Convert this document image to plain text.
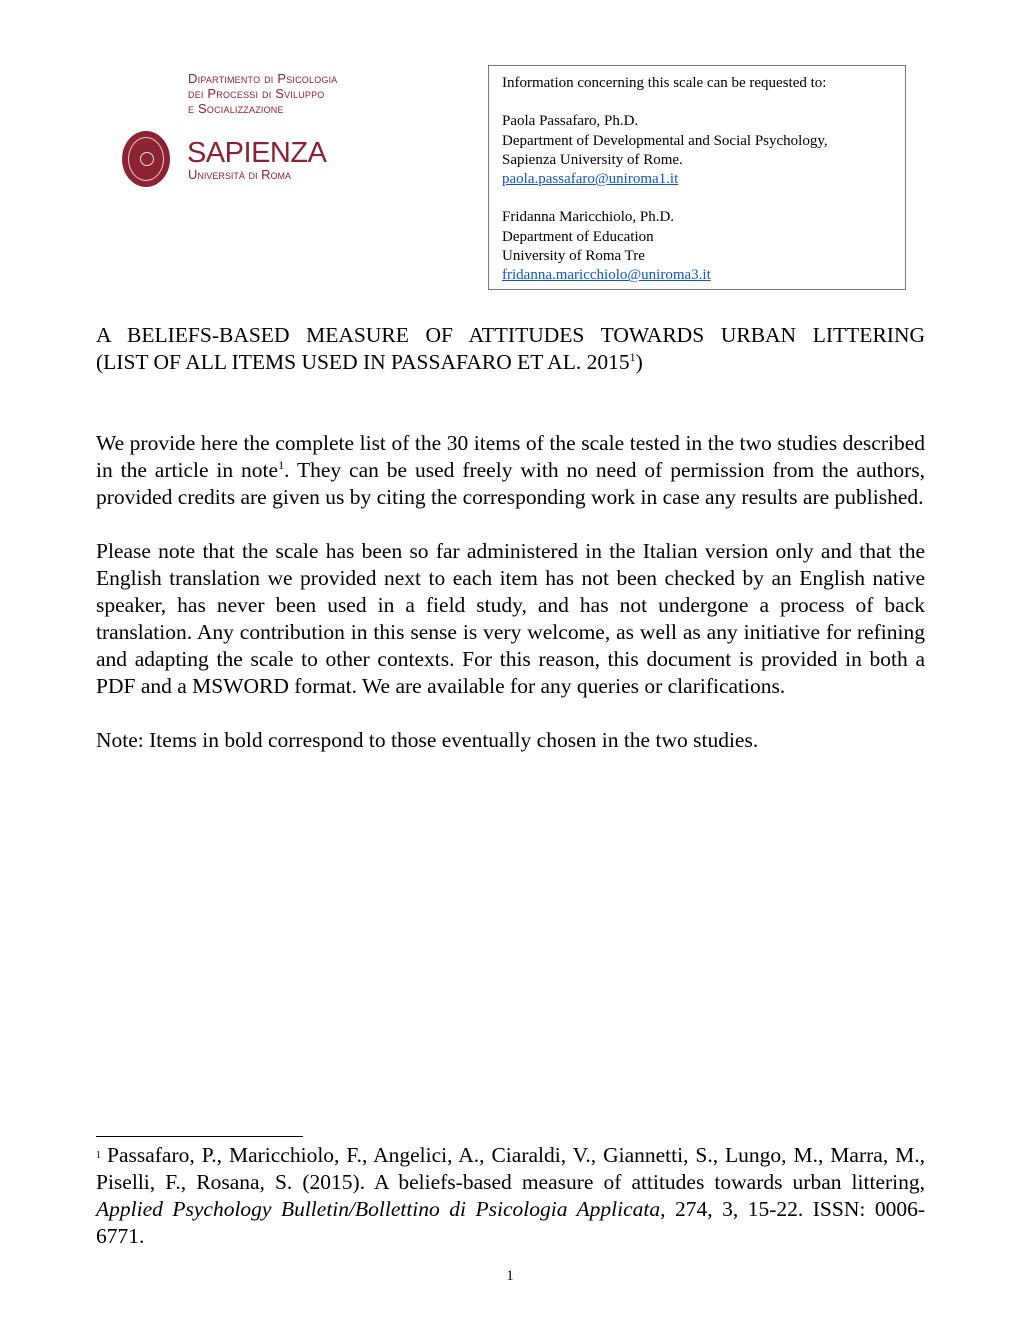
Dipartimento di Psicologia
dei Processi di Sviluppo
e Socializzazione
SAPIENZA
Università di Roma

Information concerning this scale can be requested to:

Paola Passafaro, Ph.D.

Department of Developmental and Social Psychology,

Sapienza University of Rome.

paola.passafaro@uniroma1.it

Fridanna Maricchiolo, Ph.D.

Department of Education

University of Roma Tre

fridanna.maricchiolo@uniroma3.it

A BELIEFS-BASED MEASURE OF ATTITUDES TOWARDS URBAN LITTERING
(LIST OF ALL ITEMS USED IN PASSAFARO ET AL. 2015$^1$)

We provide here the complete list of the 30 items of the scale tested in the two studies described in the article in note$^1$. They can be used freely with no need of permission from the authors, provided credits are given us by citing the corresponding work in case any results are published.

Please note that the scale has been so far administered in the Italian version only and that the English translation we provided next to each item has not been checked by an English native speaker, has never been used in a field study, and has not undergone a process of back translation. Any contribution in this sense is very welcome, as well as any initiative for refining and adapting the scale to other contexts. For this reason, this document is provided in both a PDF and a MSWORD format. We are available for any queries or clarifications.

Note: Items in bold correspond to those eventually chosen in the two studies.

$^1$ Passafaro, P., Maricchiolo, F., Angelici, A., Ciaraldi, V., Giannetti, S., Lungo, M., Marra, M., Piselli, F., Rosana, S. (2015). A beliefs-based measure of attitudes towards urban littering, Applied Psychology Bulletin/Bollettino di Psicologia Applicata, 274, 3, 15-22. ISSN: 0006-6771.
1
